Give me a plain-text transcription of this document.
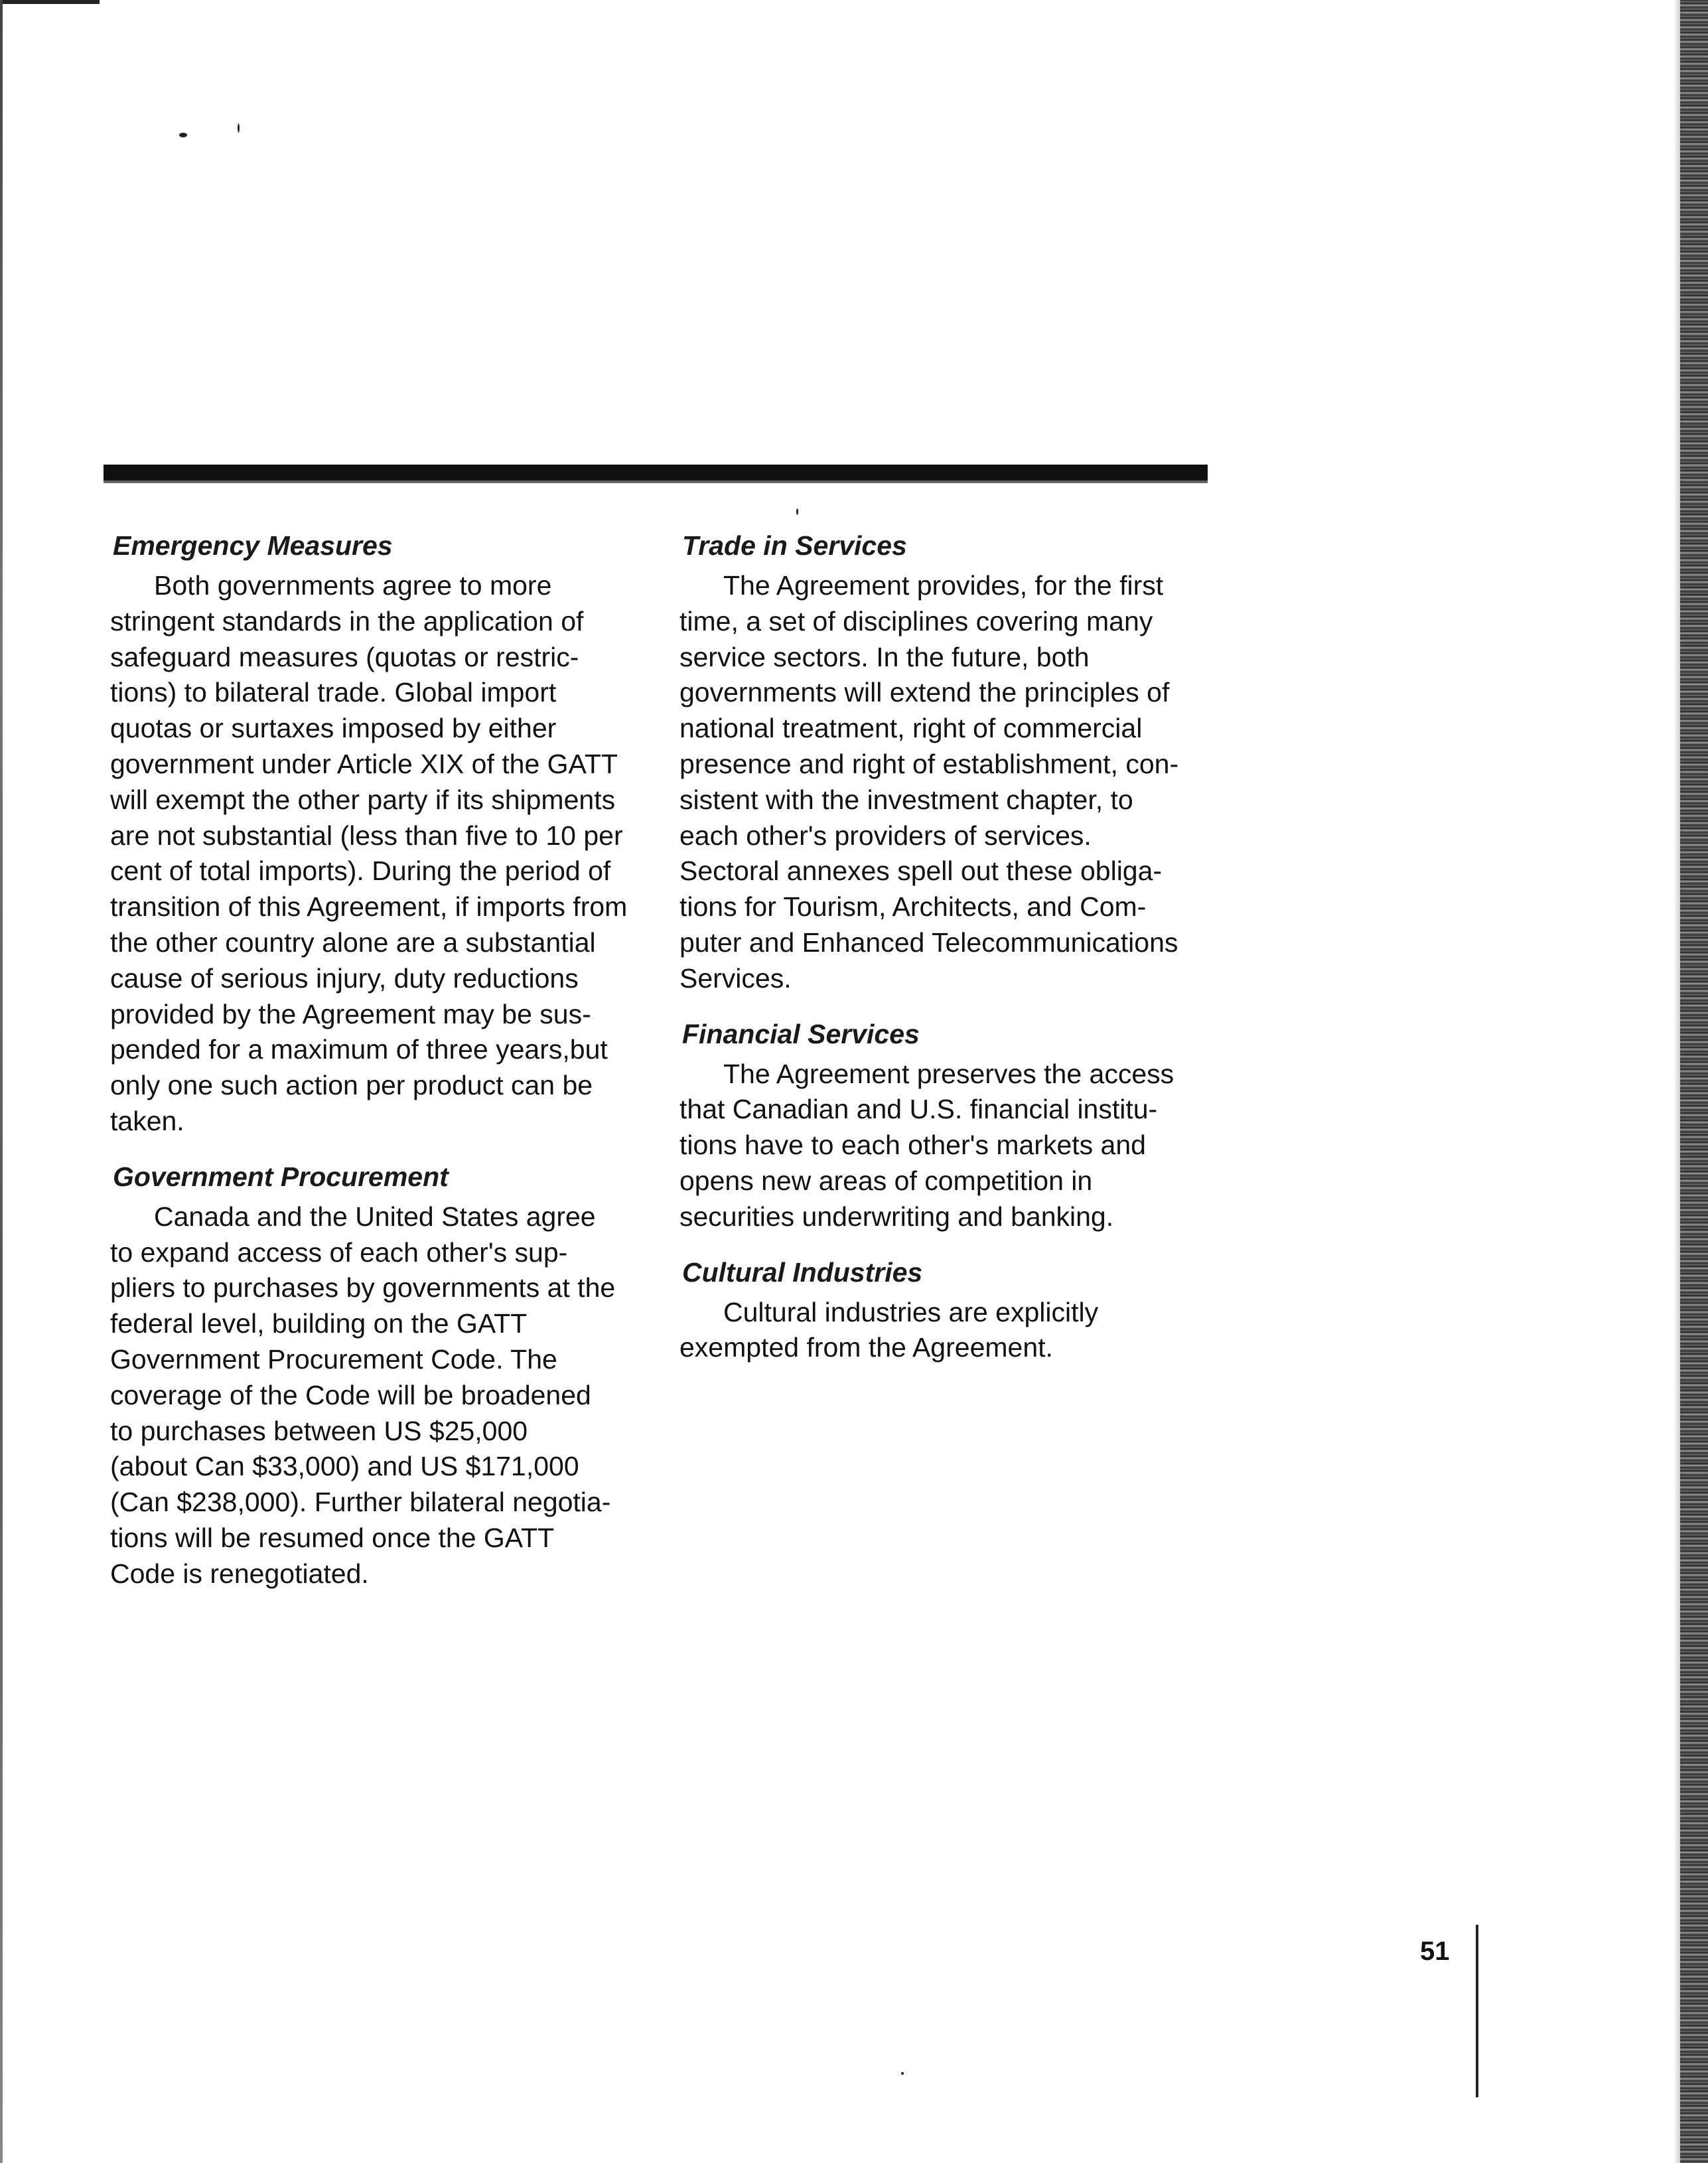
Emergency Measures

Both governments agree to more
stringent standards in the application of
safeguard measures (quotas or restric-
tions) to bilateral trade. Global import
quotas or surtaxes imposed by either
government under Article XIX of the GATT
will exempt the other party if its shipments
are not substantial (less than five to 10 per
cent of total imports). During the period of
transition of this Agreement, if imports from
the other country alone are a substantial
cause of serious injury, duty reductions
provided by the Agreement may be sus-
pended for a maximum of three years,but
only one such action per product can be
taken.

Government Procurement

Canada and the United States agree
to expand access of each other's sup-
pliers to purchases by governments at the
federal level, building on the GATT
Government Procurement Code. The
coverage of the Code will be broadened
to purchases between US $25,000
(about Can $33,000) and US $171,000
(Can $238,000). Further bilateral negotia-
tions will be resumed once the GATT
Code is renegotiated.

Trade in Services

The Agreement provides, for the first
time, a set of disciplines covering many
service sectors. In the future, both
governments will extend the principles of
national treatment, right of commercial
presence and right of establishment, con-
sistent with the investment chapter, to
each other's providers of services.
Sectoral annexes spell out these obliga-
tions for Tourism, Architects, and Com-
puter and Enhanced Telecommunications
Services.

Financial Services

The Agreement preserves the access
that Canadian and U.S. financial institu-
tions have to each other's markets and
opens new areas of competition in
securities underwriting and banking.

Cultural Industries

Cultural industries are explicitly
exempted from the Agreement.

51
